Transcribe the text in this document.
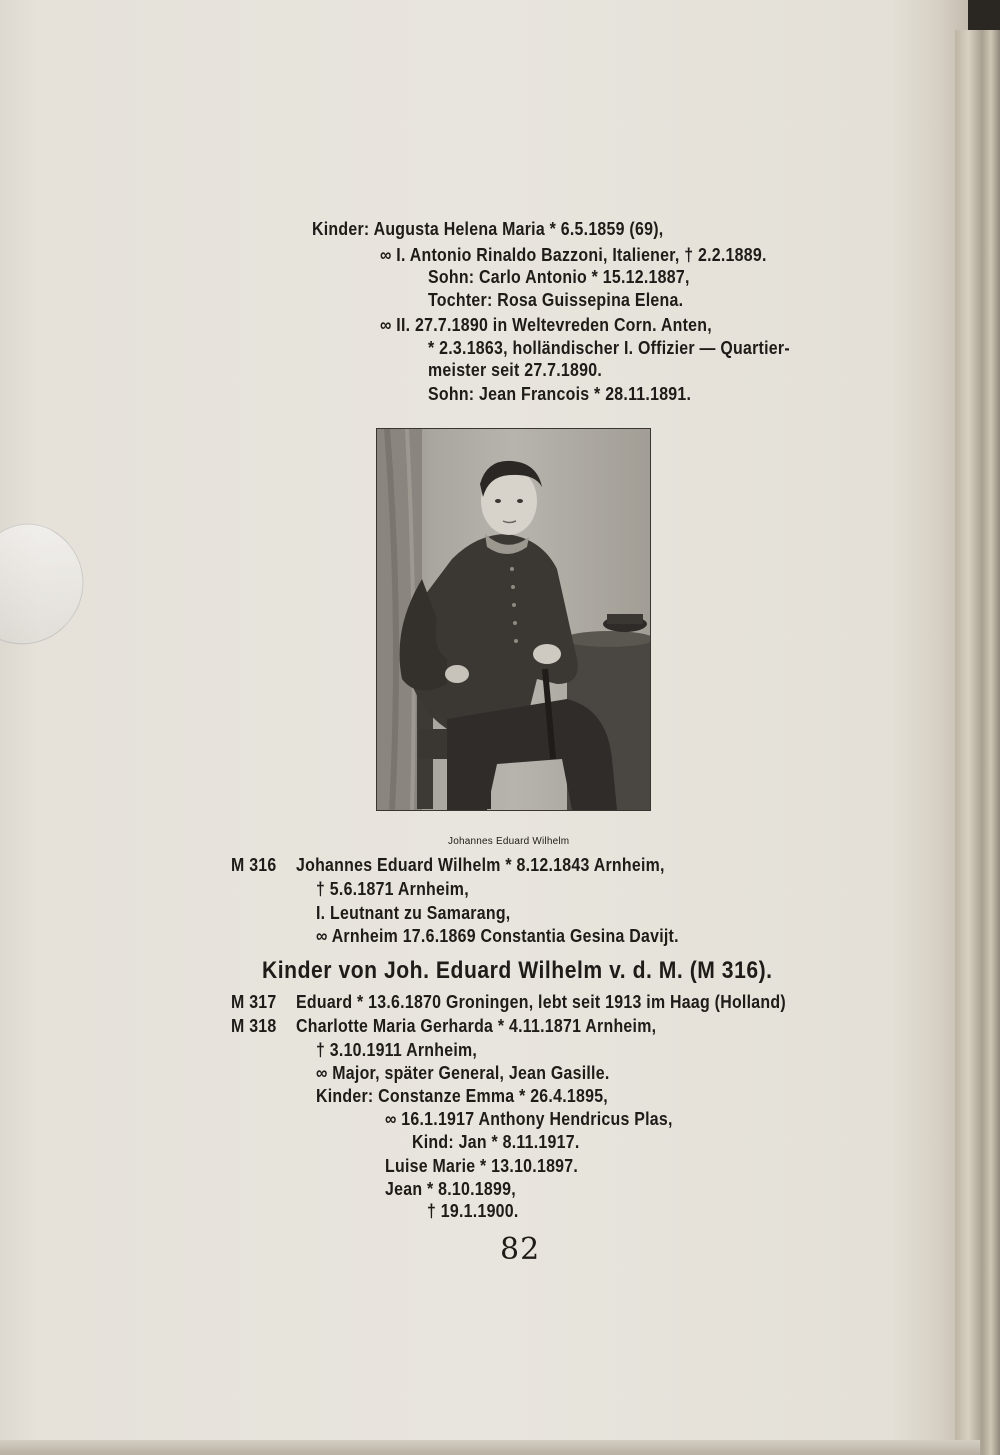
Kinder: Augusta Helena Maria * 6.5.1859 (69),
∞ I. Antonio Rinaldo Bazzoni, Italiener, † 2.2.1889.
Sohn: Carlo Antonio * 15.12.1887,
Tochter: Rosa Guissepina Elena.
∞ II. 27.7.1890 in Weltevreden Corn. Anten,
* 2.3.1863, holländischer I. Offizier — Quartier-
meister seit 27.7.1890.
Sohn: Jean Francois * 28.11.1891.
Johannes Eduard Wilhelm
M 316 Johannes Eduard Wilhelm * 8.12.1843 Arnheim,
† 5.6.1871 Arnheim,
I. Leutnant zu Samarang,
∞ Arnheim 17.6.1869 Constantia Gesina Davijt.
Kinder von Joh. Eduard Wilhelm v. d. M. (M 316).
M 317 Eduard * 13.6.1870 Groningen, lebt seit 1913 im Haag (Holland)
M 318 Charlotte Maria Gerharda * 4.11.1871 Arnheim,
† 3.10.1911 Arnheim,
∞ Major, später General, Jean Gasille.
Kinder: Constanze Emma * 26.4.1895,
∞ 16.1.1917 Anthony Hendricus Plas,
Kind: Jan * 8.11.1917.
Luise Marie * 13.10.1897.
Jean * 8.10.1899,
† 19.1.1900.
82
